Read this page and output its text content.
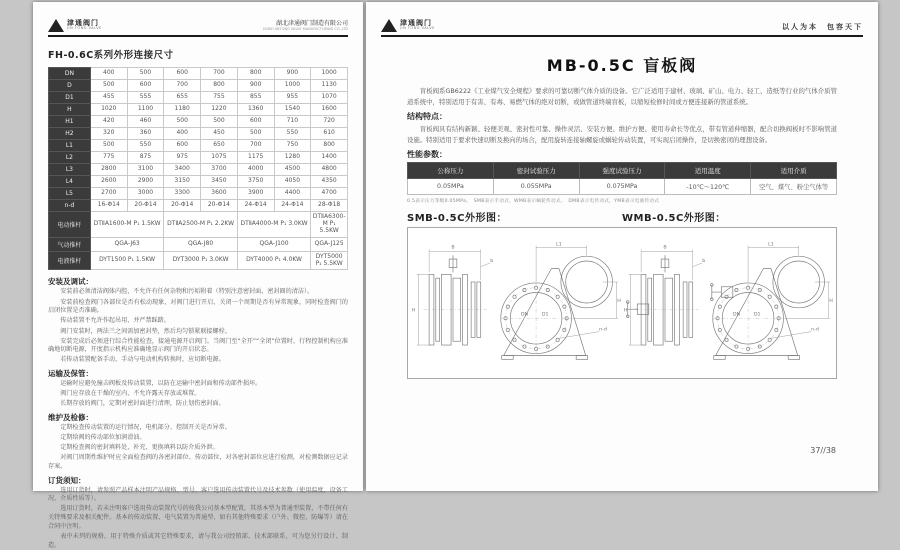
津通阀门
JIN TONG VALVE
湖北津通阀门制造有限公司
HUBEI JINTONG VALVE MANUFACTURING CO.,LTD
FH-0.6C系列外形连接尺寸
DN	400	500	600	700	800	900	1000
D	500	600	700	800	900	1000	1130
D1	455	555	655	755	855	955	1070
H	1020	1100	1180	1220	1360	1540	1600
H1	420	460	500	500	600	710	720
H2	320	360	400	450	500	550	610
L1	500	550	600	650	700	750	800
L2	775	875	975	1075	1175	1280	1400
L3	2800	3100	3400	3700	4000	4500	4800
L4	2600	2900	3150	3450	3750	4050	4350
L5	2700	3000	3300	3600	3900	4400	4700
n-d	16-Φ14	20-Φ14	20-Φ14	20-Φ14	24-Φ14	24-Φ14	28-Φ18
电动推杆	DTⅡA1600-M P₁ 1.5KW		DTⅡA2500-M P₁ 2.2KW		DTⅡA4000-M P₁ 3.0KW		DTⅡA6300-M P₁ 5.5KW
气动推杆	QGA-J63		QGA-J80		QGA-J100		QGA-J125
电液推杆	DYT1500 P₁ 1.5KW		DYT3000 P₁ 3.0KW		DYT4000 P₁ 4.0KW		DYT5000 P₁ 5.5KW
安装及调试：

安装前必须清洁阀体内腔，不允许有任何杂物和污垢附着（特别注意密封面、密封圈的清洁）。

安装前检查阀门各部位是否有松动现象，对阀门进行开启、关闭一个周期是否有异常现象，同时检查阀门的启闭位置是否准确。

传动装置不允许作起吊用，并严禁踩踏。

阀门安装时，两法兰之间需加密封垫，然后均匀锁紧联接螺栓。

安装完成后必须进行综合性能检查，接通电源开启阀门。当阀门至“全开”“全闭”位置时，行程控制机构应准确地切断电源，开度指示机构应准确地显示阀门的开启状态。

若传动装置配备手动、手动与电动机构转换时，应切断电源。

运输及保管：

运输时应避免撞击阀板及传动装置，以防在运输中密封面和传动部件损坏。

阀门应存放在干燥的室内，不允许露天存放或堆置。

长期存放的阀门，定期对密封面进行清理，防止划伤密封面。

维护及检修：

定期检查传动装置的运行情况，电机部分、控制开关是否异常。

定期给阀的传动部位加润滑油。

定期检查阀的密封填料处，补充、更换填料以防介质外泄。

对阀门周期性维护时应全面检查阀的各密封部位、传动部位，对各密封部位应进行检测，对检测数据应记录存案。

订货须知：

选用订货时，请参照产品样本注明产品规格、型号、客户选用传动装置代号及技术参数（使用温度、设备工况、介质性质等）。

选用订货时，若未注明客户选用传动装置代号的按我公司基本型配置，其基本型为普通型装置，不带任何有关特殊要求及相关配件。基本的传动装置、电气装置为普通型，如有其他特殊要求（户外、微控、防爆等）请在合同中注明。

表中未列的规格，用于特殊介质或其它特殊要求，请与我公司经销部、技术部联系，可为您另行设计、制造。

津通阀门
JIN TONG VALVE	以人为本　包容天下
MB-0.5C 盲板阀

盲板阀系GB6222《工业煤气安全规程》要求的可靠切断气体介质的设备。它广泛适用于建材、玻璃、矿山、电力、轻工、造纸等行业的气体介质管道系统中，特别适用于有害、有毒、易燃气体的绝对切断，或做管道终端盲板，以缩短检修时间或方便连接新的管道系统。

结构特点：

盲板阀具有结构新颖、轻便美观、密封性可靠、操作灵活、安装方便、维护方便、使用寿命长等优点，带有管道伸缩器，配合切换阀板时不影响管道设施。特别适用于要求快速切断及换向的场合，配用旋转连接轴螺旋或蜗轮传动装置，可实现启闭操作，是切换密闭的理想设备。

性能参数：
公称压力	密封试验压力	强度试验压力	适用温度	适用介质
0.05MPa	0.055MPa	0.075MPa	-10℃～120℃	空气、煤气、粉尘气体等
0.5表示压力等级0.05MPa。　SMB表示手动式，WMB表示蜗轮传动式。　DMB表示电传动式，YMB表示电液传动式
SMB-0.5C外形图：	WMB-0.5C外形图：
37//38
